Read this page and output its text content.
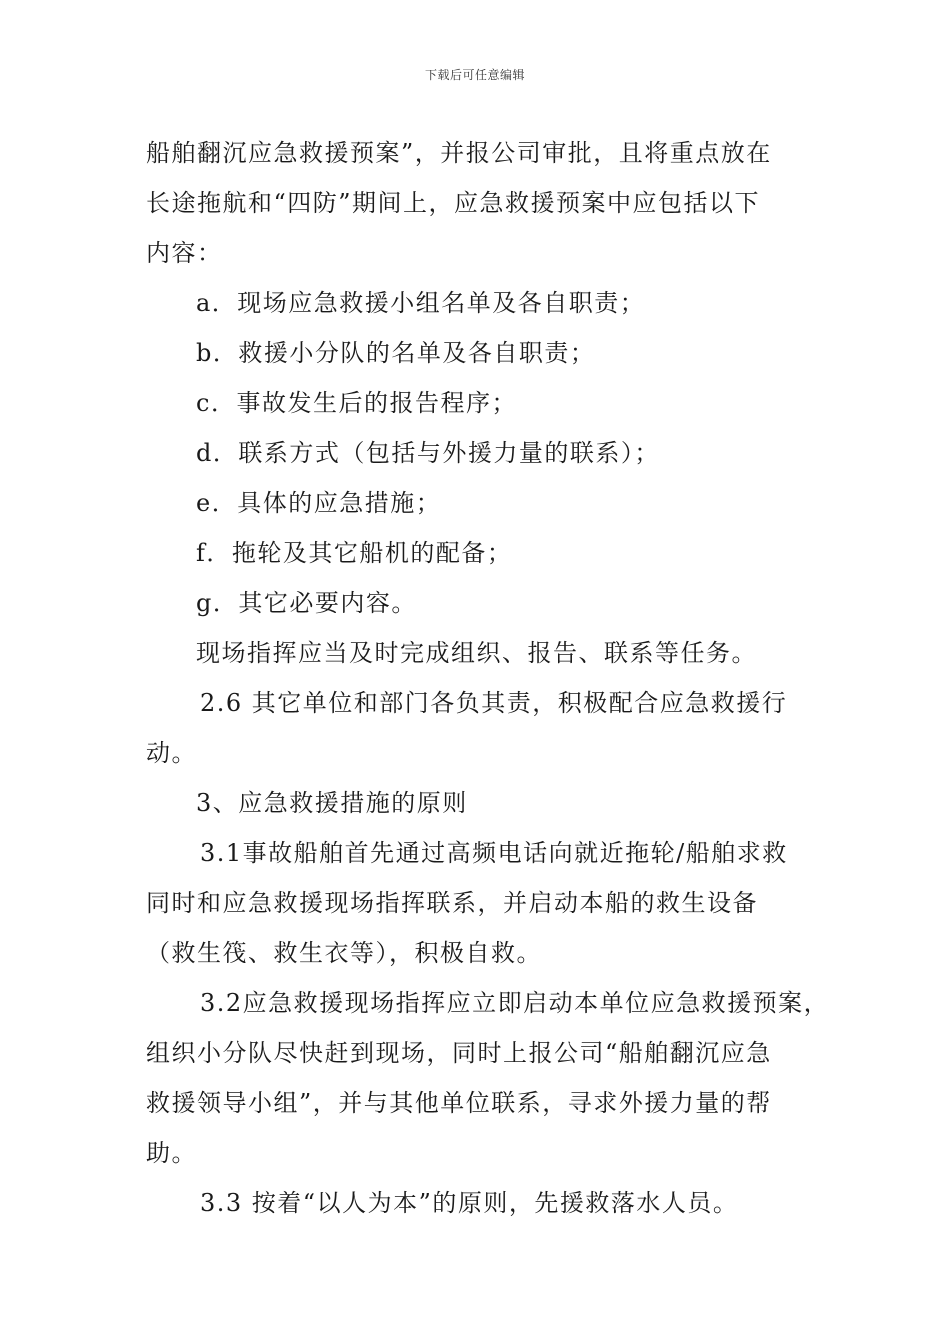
下载后可任意编辑

船舶翻沉应急救援预案”，并报公司审批，且将重点放在

长途拖航和“四防”期间上，应急救援预案中应包括以下

内容：

a．现场应急救援小组名单及各自职责；

b．救援小分队的名单及各自职责；

c．事故发生后的报告程序；

d．联系方式（包括与外援力量的联系）；

e．具体的应急措施；

f．拖轮及其它船机的配备；

g．其它必要内容。

现场指挥应当及时完成组织、报告、联系等任务。

2.6 其它单位和部门各负其责，积极配合应急救援行

动。

3、应急救援措施的原则

3.1事故船舶首先通过高频电话向就近拖轮/船舶求救

同时和应急救援现场指挥联系，并启动本船的救生设备

（救生筏、救生衣等），积极自救。

3.2应急救援现场指挥应立即启动本单位应急救援预案，

组织小分队尽快赶到现场，同时上报公司“船舶翻沉应急

救援领导小组”，并与其他单位联系，寻求外援力量的帮

助。

3.3 按着“以人为本”的原则，先援救落水人员。
